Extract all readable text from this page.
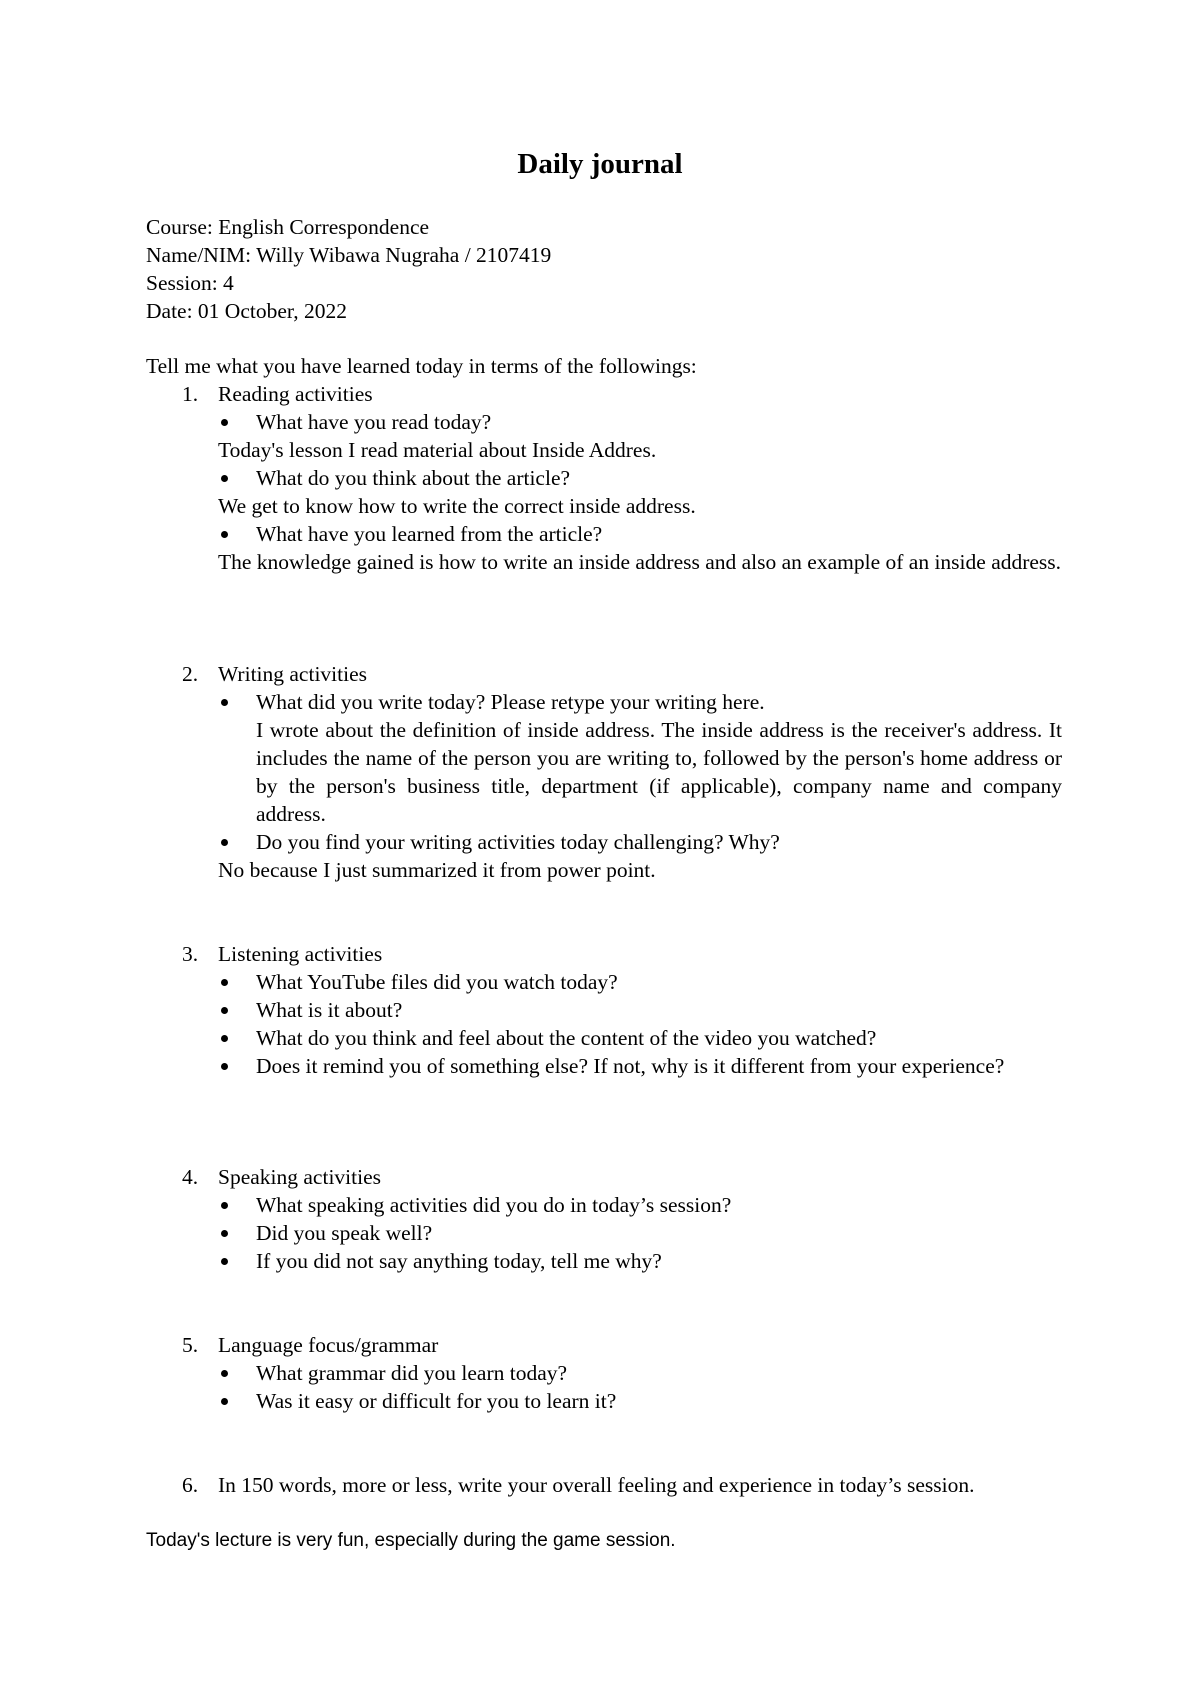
Daily journal
Course: English Correspondence
Name/NIM: Willy Wibawa Nugraha / 2107419
Session: 4
Date: 01 October, 2022
Tell me what you have learned today in terms of the followings:
1. Reading activities
What have you read today?
Today's lesson I read material about Inside Addres.
What do you think about the article?
We get to know how to write the correct inside address.
What have you learned from the article?
The knowledge gained is how to write an inside address and also an example of an inside address.
2. Writing activities
What did you write today? Please retype your writing here.
I wrote about the definition of inside address. The inside address is the receiver's address. It includes the name of the person you are writing to, followed by the person's home address or by the person's business title, department (if applicable), company name and company address.
Do you find your writing activities today challenging? Why?
No because I just summarized it from power point.
3. Listening activities
What YouTube files did you watch today?
What is it about?
What do you think and feel about the content of the video you watched?
Does it remind you of something else? If not, why is it different from your experience?
4. Speaking activities
What speaking activities did you do in today’s session?
Did you speak well?
If you did not say anything today, tell me why?
5. Language focus/grammar
What grammar did you learn today?
Was it easy or difficult for you to learn it?
6. In 150 words, more or less, write your overall feeling and experience in today’s session.
Today's lecture is very fun, especially during the game session.
